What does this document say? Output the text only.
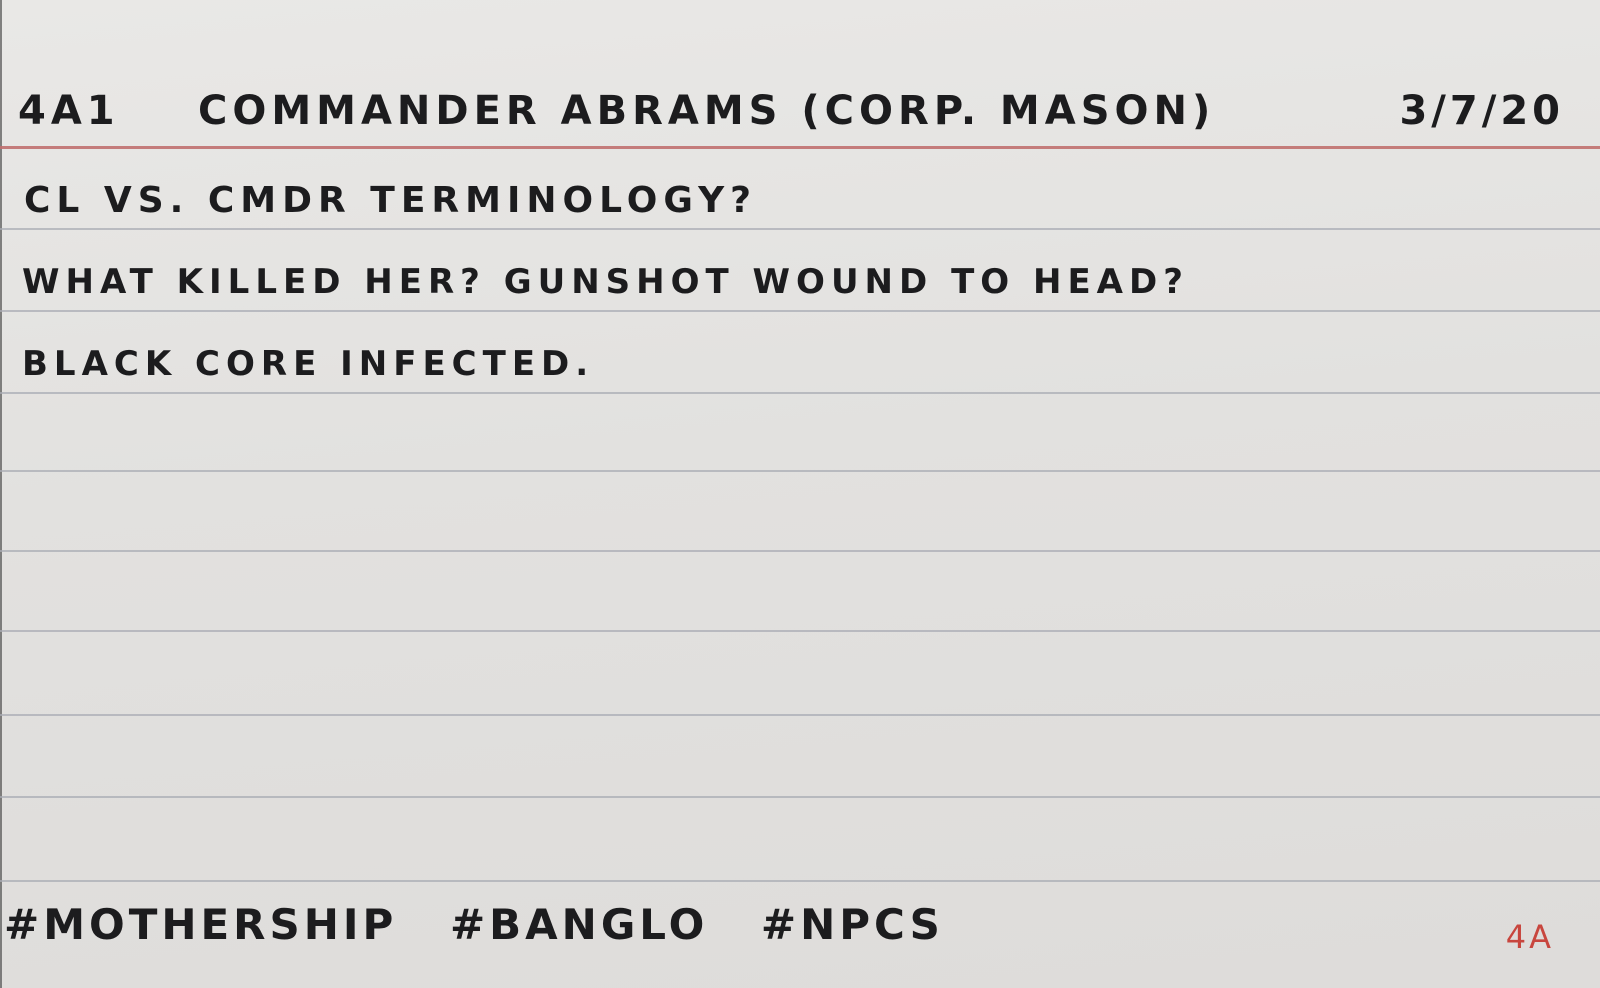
4A1 COMMANDER ABRAMS (CORP. MASON)	3/7/20
CL VS. CMDR TERMINOLOGY?
WHAT KILLED HER? GUNSHOT WOUND TO HEAD?
BLACK CORE INFECTED.
#MOTHERSHIP #BANGLO #NPCS	4A
